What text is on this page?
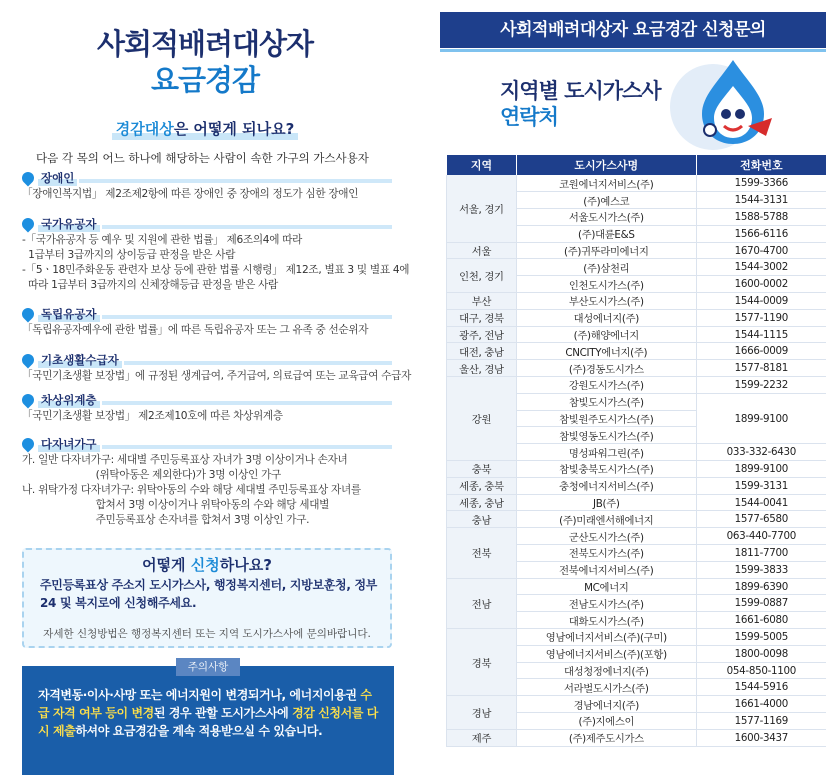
사회적배려대상자
요금경감
경감대상은 어떻게 되나요?
다음 각 목의 어느 하나에 해당하는 사람이 속한 가구의 가스사용자
장애인
「장애인복지법」 제2조제2항에 따른 장애인 중 장애의 정도가 심한 장애인
국가유공자
-「국가유공자 등 예우 및 지원에 관한 법률」 제6조의4에 따라
1급부터 3급까지의 상이등급 판정을 받은 사람
-「5ㆍ18민주화운동 관련자 보상 등에 관한 법률 시행령」 제12조, 별표 3 및 별표 4에
따라 1급부터 3급까지의 신체장해등급 판정을 받은 사람
독립유공자
「독립유공자예우에 관한 법률」에 따른 독립유공자 또는 그 유족 중 선순위자
기초생활수급자
「국민기초생활 보장법」에 규정된 생계급여, 주거급여, 의료급여 또는 교육급여 수급자
차상위계층
「국민기초생활 보장법」 제2조제10호에 따른 차상위계층
다자녀가구
가. 일반 다자녀가구: 세대별 주민등록표상 자녀가 3명 이상이거나 손자녀
(위탁아동은 제외한다)가 3명 이상인 가구
나. 위탁가정 다자녀가구: 위탁아동의 수와 해당 세대별 주민등록표상 자녀를
합쳐서 3명 이상이거나 위탁아동의 수와 해당 세대별
주민등록표상 손자녀를 합쳐서 3명 이상인 가구.
어떻게 신청하나요?
주민등록표상 주소지 도시가스사, 행정복지센터, 지방보훈청, 정부24 및 복지로에 신청해주세요.
자세한 신청방법은 행정복지센터 또는 지역 도시가스사에 문의바랍니다.
주의사항
자격변동·이사·사망 또는 에너지원이 변경되거나, 에너지이용권 수급 자격 여부 등이 변경된 경우 관할 도시가스사에 경감 신청서를 다시 제출하셔야 요금경감을 계속 적용받으실 수 있습니다.
사회적배려대상자 요금경감 신청문의
지역별 도시가스사
연락처
지역	도시가스사명	전화번호
서울, 경기	코원에너지서비스(주)	1599-3366
	(주)예스코	1544-3131
	서울도시가스(주)	1588-5788
	(주)대륜E&S	1566-6116
서울	(주)귀뚜라미에너지	1670-4700
인천, 경기	(주)삼천리	1544-3002
	인천도시가스(주)	1600-0002
부산	부산도시가스(주)	1544-0009
대구, 경북	대성에너지(주)	1577-1190
광주, 전남	(주)해양에너지	1544-1115
대전, 충남	CNCITY에너지(주)	1666-0009
울산, 경남	(주)경동도시가스	1577-8181
강원	강원도시가스(주)	1599-2232
	참빛도시가스(주)	1899-9100
	참빛원주도시가스(주)	
	참빛영동도시가스(주)	
	명성파워그린(주)	033-332-6430
충북	참빛충북도시가스(주)	1899-9100
세종, 충북	충청에너지서비스(주)	1599-3131
세종, 충남	JB(주)	1544-0041
충남	(주)미래엔서해에너지	1577-6580
전북	군산도시가스(주)	063-440-7700
	전북도시가스(주)	1811-7700
	전북에너지서비스(주)	1599-3833
전남	MC에너지	1899-6390
	전남도시가스(주)	1599-0887
	대화도시가스(주)	1661-6080
경북	영남에너지서비스(주)(구미)	1599-5005
	영남에너지서비스(주)(포항)	1800-0098
	대성청정에너지(주)	054-850-1100
	서라벌도시가스(주)	1544-5916
경남	경남에너지(주)	1661-4000
	(주)지에스이	1577-1169
제주	(주)제주도시가스	1600-3437
